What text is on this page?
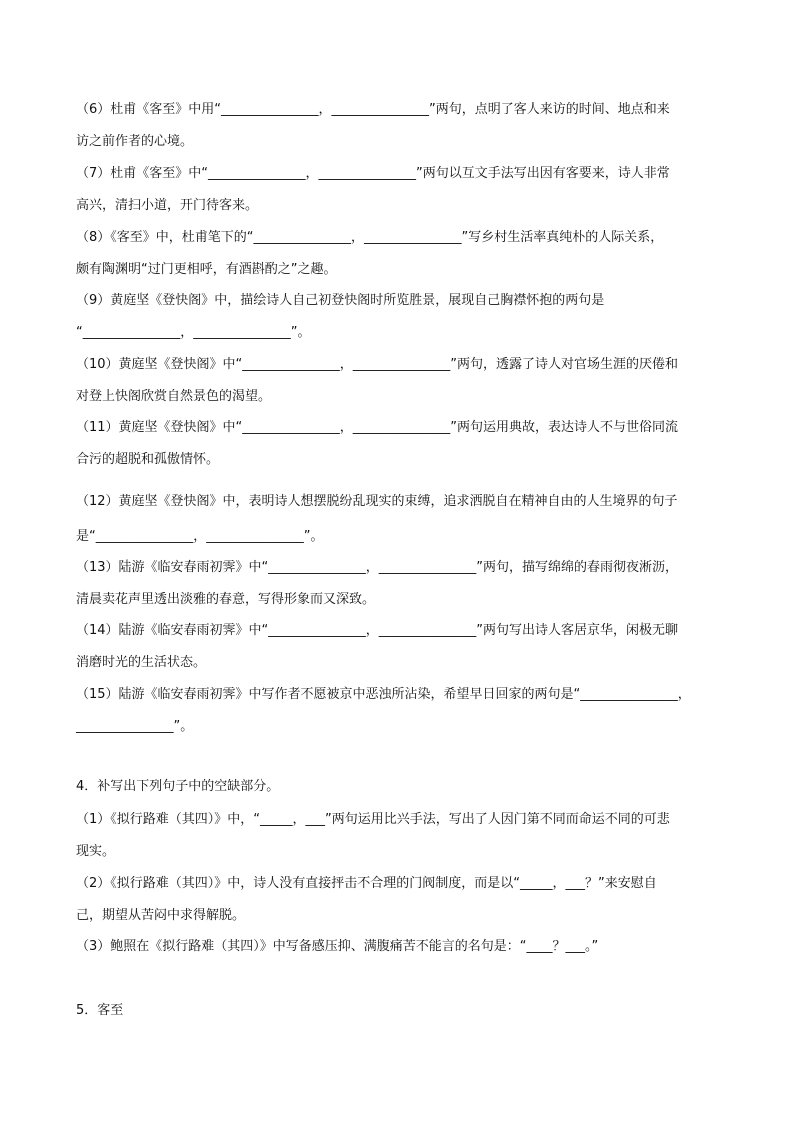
（6）杜甫《客至》中用“_______________，_______________”两句，点明了客人来访的时间、地点和来
访之前作者的心境。
（7）杜甫《客至》中“_______________，_______________”两句以互文手法写出因有客要来，诗人非常
高兴，清扫小道，开门待客来。
（8）《客至》中，杜甫笔下的“_______________，_______________”写乡村生活率真纯朴的人际关系，
颇有陶渊明“过门更相呼，有酒斟酌之”之趣。
（9）黄庭坚《登快阁》中，描绘诗人自己初登快阁时所览胜景，展现自己胸襟怀抱的两句是
“_______________，_______________”。
（10）黄庭坚《登快阁》中“_______________，_______________”两句，透露了诗人对官场生涯的厌倦和
对登上快阁欣赏自然景色的渴望。
（11）黄庭坚《登快阁》中“_______________，_______________”两句运用典故，表达诗人不与世俗同流
合污的超脱和孤傲情怀。
（12）黄庭坚《登快阁》中，表明诗人想摆脱纷乱现实的束缚，追求洒脱自在精神自由的人生境界的句子
是“_______________，_______________”。
（13）陆游《临安春雨初霁》中“_______________，_______________”两句，描写绵绵的春雨彻夜淅沥，
清晨卖花声里透出淡雅的春意，写得形象而又深致。
（14）陆游《临安春雨初霁》中“_______________，_______________”两句写出诗人客居京华，闲极无聊
消磨时光的生活状态。
（15）陆游《临安春雨初霁》中写作者不愿被京中恶浊所沾染，希望早日回家的两句是“_______________，
_______________”。
4．补写出下列句子中的空缺部分。
（1）《拟行路难（其四）》中，“_____，___”两句运用比兴手法，写出了人因门第不同而命运不同的可悲
现实。
（2）《拟行路难（其四）》中，诗人没有直接抨击不合理的门阀制度，而是以“_____，___？”来安慰自
己，期望从苦闷中求得解脱。
（3）鲍照在《拟行路难（其四）》中写备感压抑、满腹痛苦不能言的名句是：“____？___。”
5．客至
